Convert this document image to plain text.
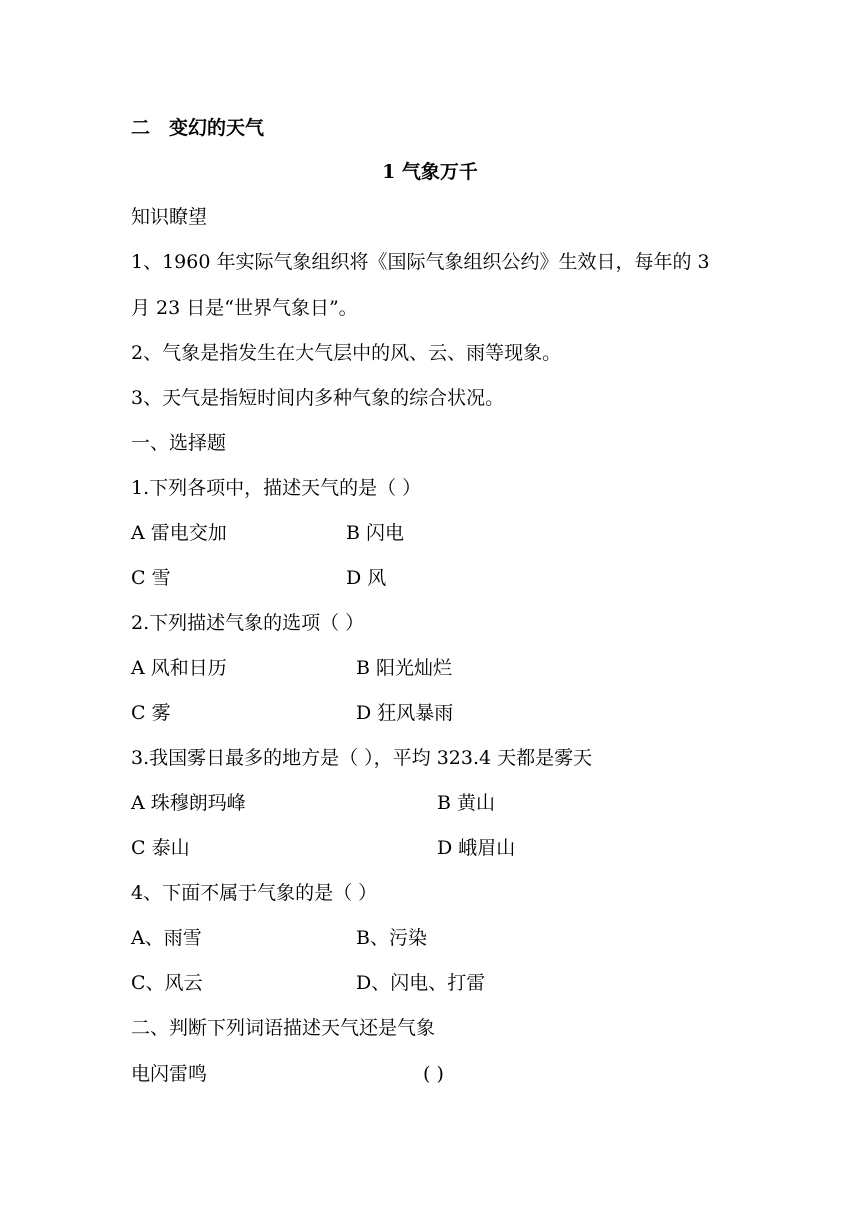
二 变幻的天气
1 气象万千
知识瞭望
1、1960 年实际气象组织将《国际气象组织公约》生效日，每年的 3
月 23 日是“世界气象日”。
2、气象是指发生在大气层中的风、云、雨等现象。
3、天气是指短时间内多种气象的综合状况。
一、选择题
1.下列各项中，描述天气的是（ ）
A 雷电交加	B 闪电
C 雪	D 风
2.下列描述气象的选项（ ）
A 风和日历	B 阳光灿烂
C 雾	D 狂风暴雨
3.我国雾日最多的地方是（ ），平均 323.4 天都是雾天
A 珠穆朗玛峰	B 黄山
C 泰山	D 峨眉山
4、下面不属于气象的是（ ）
A、雨雪	B、污染
C、风云	D、闪电、打雷
二、判断下列词语描述天气还是气象
电闪雷鸣	( )
